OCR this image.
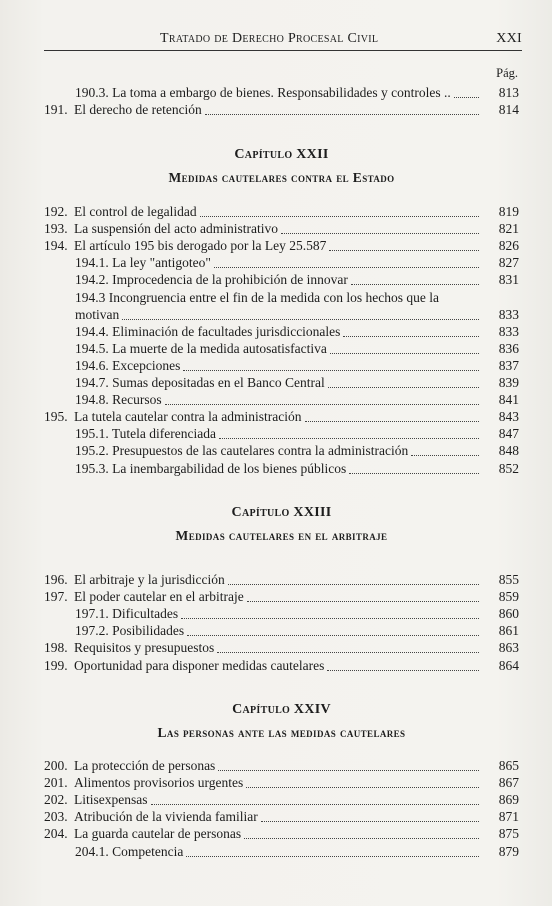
Tratado de Derecho Procesal Civil	XXI
Pág.
Capítulo XXII
Medidas cautelares contra el Estado
Capítulo XXIII
Medidas cautelares en el arbitraje
Capítulo XXIV
Las personas ante las medidas cautelares
190.3. La toma a embargo de bienes. Responsabilidades y controles ..	813
191. El derecho de retención	814
192. El control de legalidad	819
193. La suspensión del acto administrativo	821
194. El artículo 195 bis derogado por la Ley 25.587	826
194.1. La ley "antigoteo"	827
194.2. Improcedencia de la prohibición de innovar	831
194.3 Incongruencia entre el fin de la medida con los hechos que la
motivan	833
194.4. Eliminación de facultades jurisdiccionales	833
194.5. La muerte de la medida autosatisfactiva	836
194.6. Excepciones	837
194.7. Sumas depositadas en el Banco Central	839
194.8. Recursos	841
195. La tutela cautelar contra la administración	843
195.1. Tutela diferenciada	847
195.2. Presupuestos de las cautelares contra la administración	848
195.3. La inembargabilidad de los bienes públicos	852
196. El arbitraje y la jurisdicción	855
197. El poder cautelar en el arbitraje	859
197.1. Dificultades	860
197.2. Posibilidades	861
198. Requisitos y presupuestos	863
199. Oportunidad para disponer medidas cautelares	864
200. La protección de personas	865
201. Alimentos provisorios urgentes	867
202. Litisexpensas	869
203. Atribución de la vivienda familiar	871
204. La guarda cautelar de personas	875
204.1. Competencia	879
